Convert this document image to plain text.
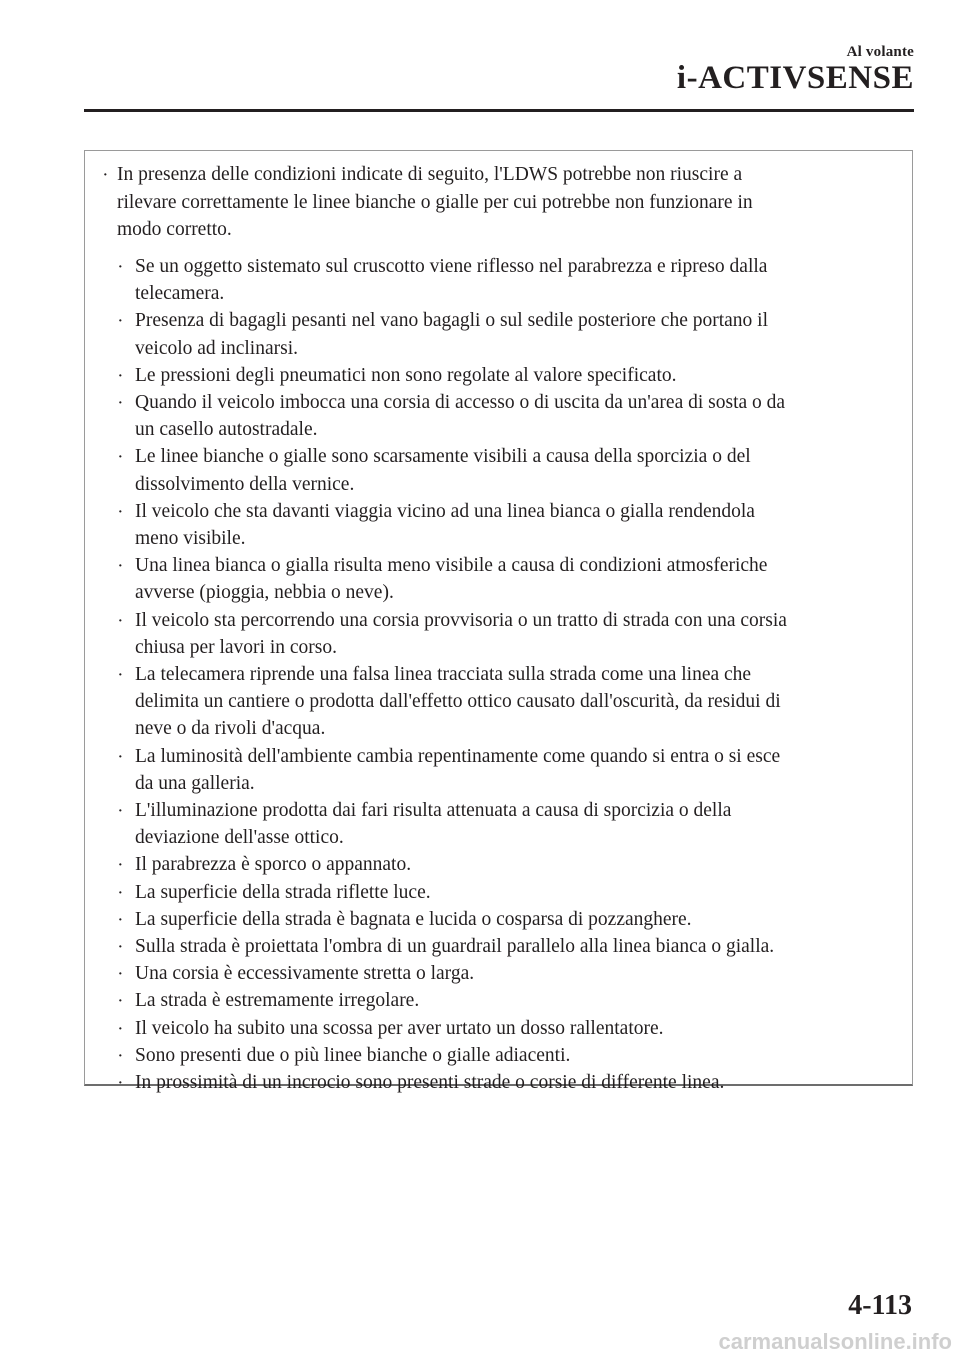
Al volante
i-ACTIVSENSE
· In presenza delle condizioni indicate di seguito, l'LDWS potrebbe non riuscire a
rilevare correttamente le linee bianche o gialle per cui potrebbe non funzionare in
modo corretto.
· Se un oggetto sistemato sul cruscotto viene riflesso nel parabrezza e ripreso dalla
telecamera.
· Presenza di bagagli pesanti nel vano bagagli o sul sedile posteriore che portano il
veicolo ad inclinarsi.
· Le pressioni degli pneumatici non sono regolate al valore specificato.
· Quando il veicolo imbocca una corsia di accesso o di uscita da un'area di sosta o da
un casello autostradale.
· Le linee bianche o gialle sono scarsamente visibili a causa della sporcizia o del
dissolvimento della vernice.
· Il veicolo che sta davanti viaggia vicino ad una linea bianca o gialla rendendola
meno visibile.
· Una linea bianca o gialla risulta meno visibile a causa di condizioni atmosferiche
avverse (pioggia, nebbia o neve).
· Il veicolo sta percorrendo una corsia provvisoria o un tratto di strada con una corsia
chiusa per lavori in corso.
· La telecamera riprende una falsa linea tracciata sulla strada come una linea che
delimita un cantiere o prodotta dall'effetto ottico causato dall'oscurità, da residui di
neve o da rivoli d'acqua.
· La luminosità dell'ambiente cambia repentinamente come quando si entra o si esce
da una galleria.
· L'illuminazione prodotta dai fari risulta attenuata a causa di sporcizia o della
deviazione dell'asse ottico.
· Il parabrezza è sporco o appannato.
· La superficie della strada riflette luce.
· La superficie della strada è bagnata e lucida o cosparsa di pozzanghere.
· Sulla strada è proiettata l'ombra di un guardrail parallelo alla linea bianca o gialla.
· Una corsia è eccessivamente stretta o larga.
· La strada è estremamente irregolare.
· Il veicolo ha subito una scossa per aver urtato un dosso rallentatore.
· Sono presenti due o più linee bianche o gialle adiacenti.
· In prossimità di un incrocio sono presenti strade o corsie di differente linea.
4-113
carmanualsonline.info
